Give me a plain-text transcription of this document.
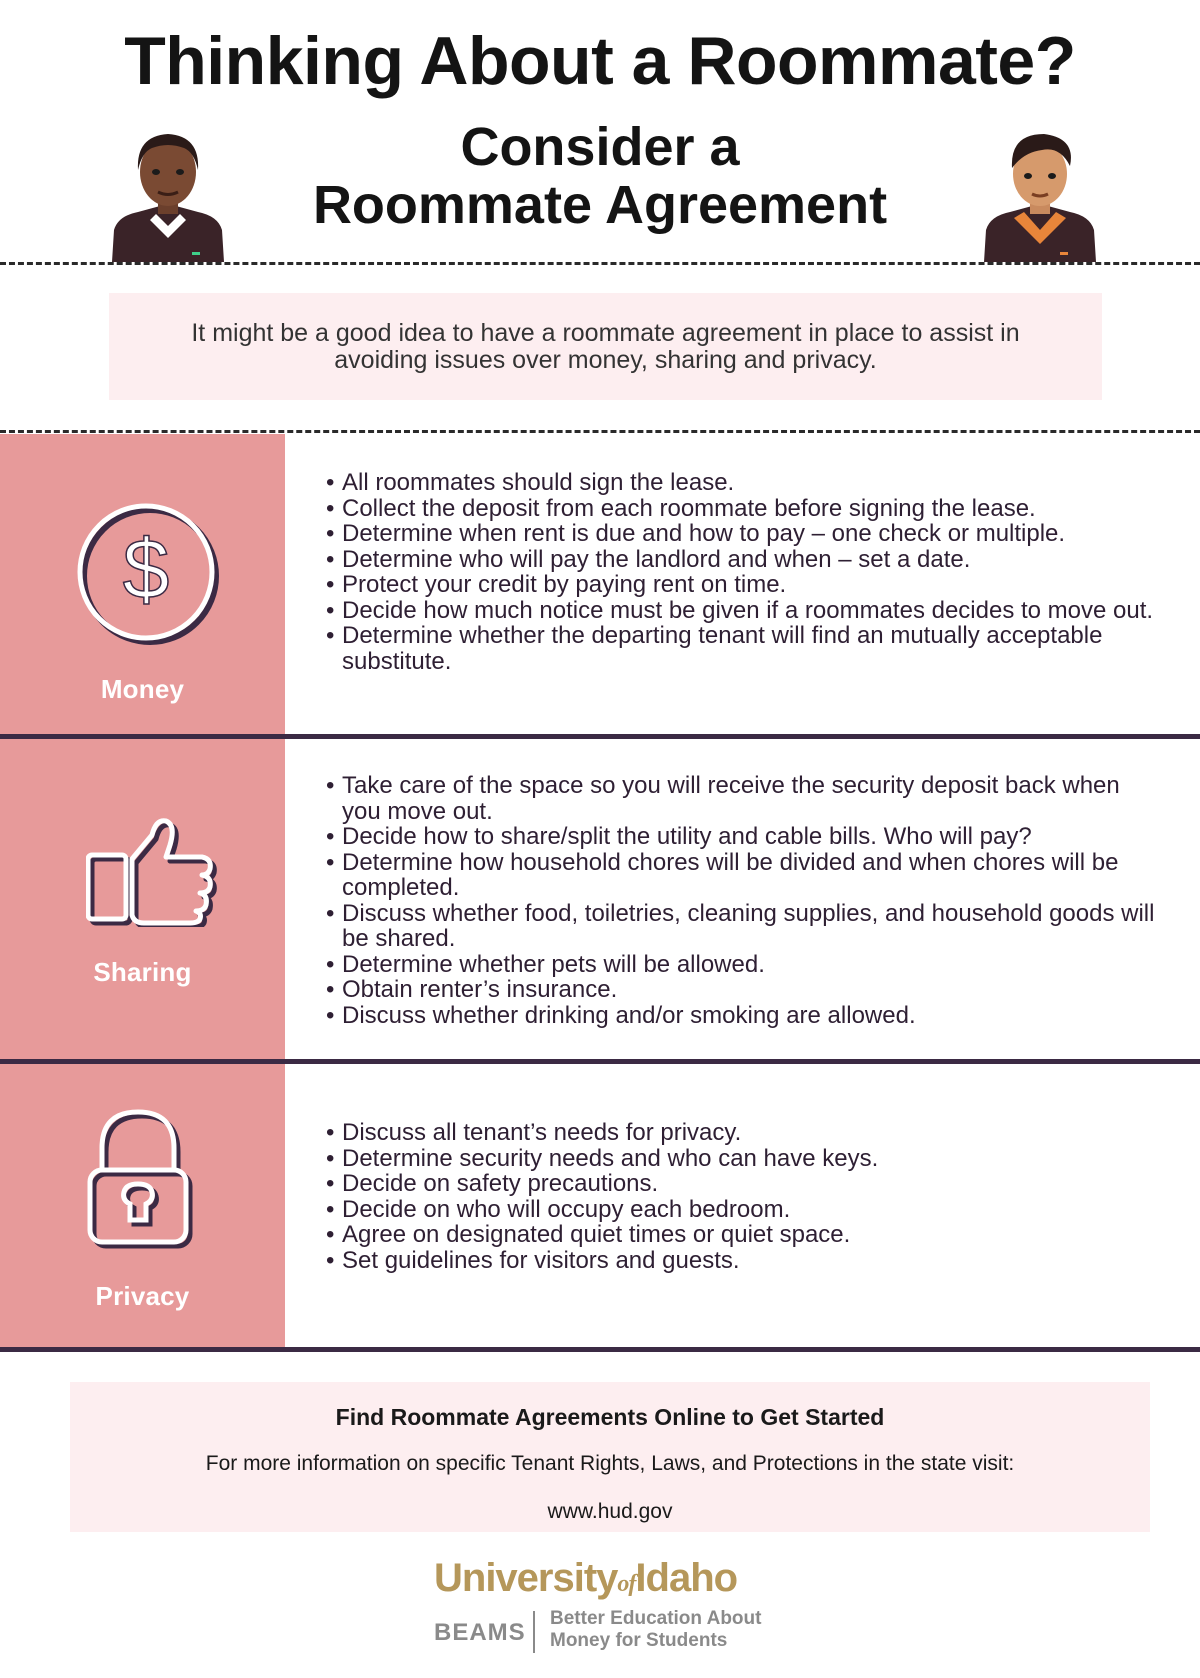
Thinking About a Roommate?
Consider a
Roommate Agreement

It might be a good idea to have a roommate agreement in place to assist in avoiding issues over money, sharing and privacy.

$
Money
• All roommates should sign the lease.
• Collect the deposit from each roommate before signing the lease.
• Determine when rent is due and how to pay – one check or multiple.
• Determine who will pay the landlord and when – set a date.
• Protect your credit by paying rent on time.
• Decide how much notice must be given if a roommates decides to move out.
• Determine whether the departing tenant will find an mutually acceptable substitute.
Sharing
• Take care of the space so you will receive the security deposit back when you move out.
• Decide how to share/split the utility and cable bills. Who will pay?
• Determine how household chores will be divided and when chores will be completed.
• Discuss whether food, toiletries, cleaning supplies, and household goods will be shared.
• Determine whether pets will be allowed.
• Obtain renter’s insurance.
• Discuss whether drinking and/or smoking are allowed.
Privacy
• Discuss all tenant’s needs for privacy.
• Determine security needs and who can have keys.
• Decide on safety precautions.
• Decide on who will occupy each bedroom.
• Agree on designated quiet times or quiet space.
• Set guidelines for visitors and guests.
Find Roommate Agreements Online to Get Started
For more information on specific Tenant Rights, Laws, and Protections in the state visit:
www.hud.gov
UniversityofIdaho
BEAMS
Better Education About
Money for Students
